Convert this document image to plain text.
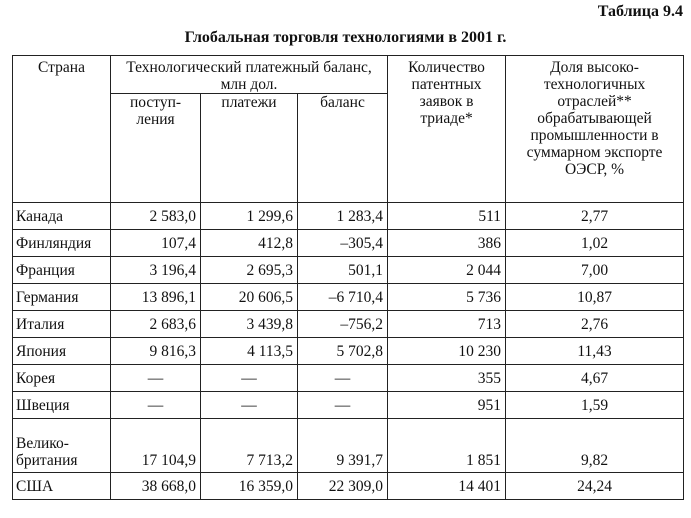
Таблица 9.4
Глобальная торговля технологиями в 2001 г.
Страна	Технологический платежный баланс, млн дол.			Количество патентных заявок в триаде*	Доля высоко-технологичных отраслей** обрабатывающей промышленности в суммарном экспорте ОЭСР, %
	поступ-ления	платежи	баланс		
Канада	2 583,0	1 299,6	1 283,4	511	2,77
Финляндия	107,4	412,8	–305,4	386	1,02
Франция	3 196,4	2 695,3	501,1	2 044	7,00
Германия	13 896,1	20 606,5	–6 710,4	5 736	10,87
Италия	2 683,6	3 439,8	–756,2	713	2,76
Япония	9 816,3	4 113,5	5 702,8	10 230	11,43
Корея	—	—	—	355	4,67
Швеция	—	—	—	951	1,59
Велико-британия	17 104,9	7 713,2	9 391,7	1 851	9,82
США	38 668,0	16 359,0	22 309,0	14 401	24,24
